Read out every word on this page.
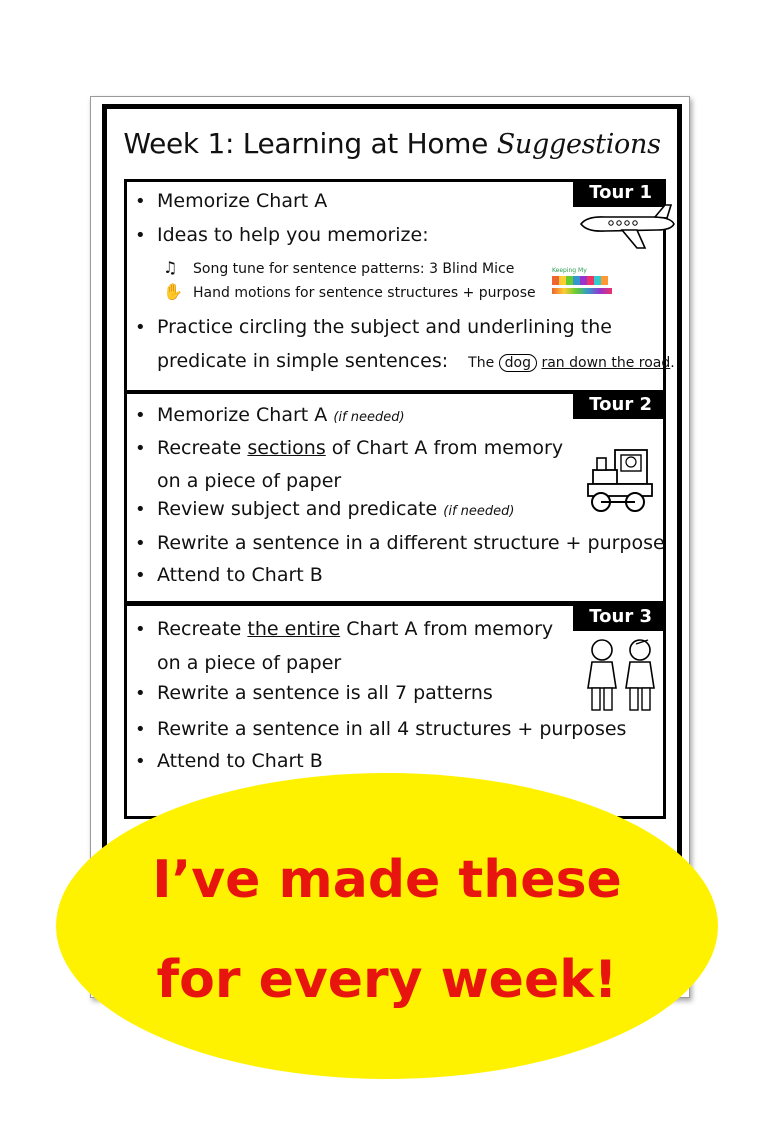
Week 1: Learning at Home Suggestions
Tour 1
• Memorize Chart A
• Ideas to help you memorize:
♫ Song tune for sentence patterns: 3 Blind Mice
✋ Hand motions for sentence structures + purpose
Keeping My
• Practice circling the subject and underlining the
predicate in simple sentences: The dog ran down the road.
Tour 2
• Memorize Chart A (if needed)
• Recreate sections of Chart A from memory
on a piece of paper
• Review subject and predicate (if needed)
• Rewrite a sentence in a different structure + purpose
• Attend to Chart B
Tour 3
• Recreate the entire Chart A from memory
on a piece of paper
• Rewrite a sentence is all 7 patterns
• Rewrite a sentence in all 4 structures + purposes
• Attend to Chart B
I’ve made these
for every week!
